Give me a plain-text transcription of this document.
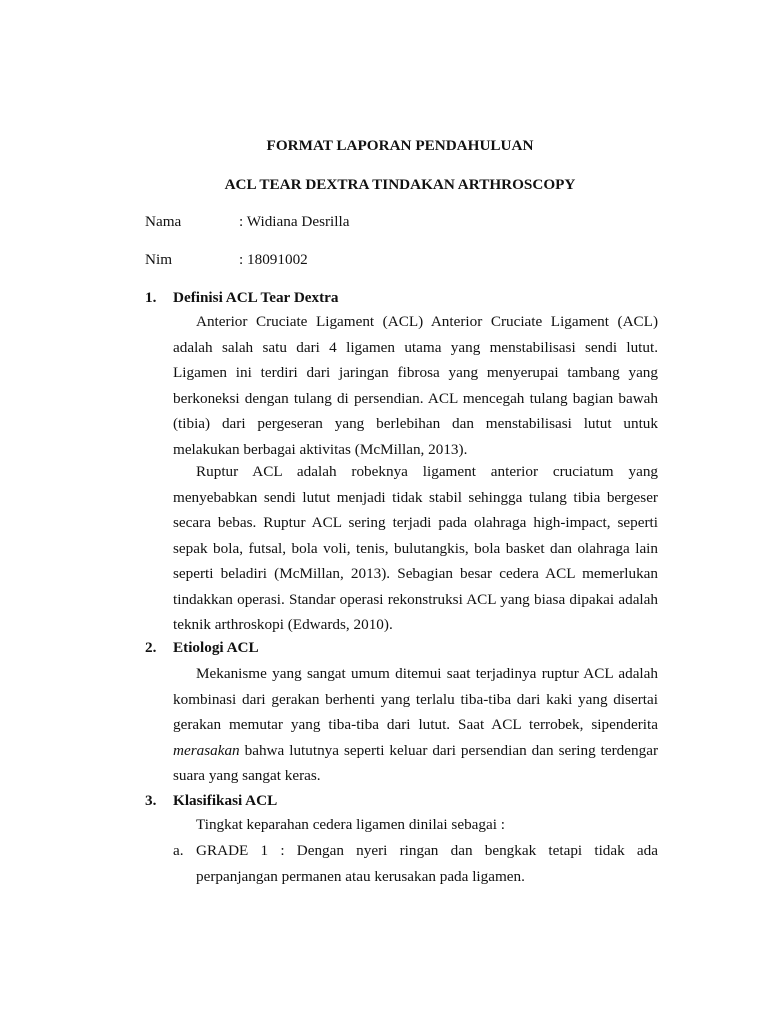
FORMAT LAPORAN PENDAHULUAN
ACL TEAR DEXTRA TINDAKAN ARTHROSCOPY
Nama	: Widiana Desrilla
Nim	: 18091002
1. Definisi ACL Tear Dextra

Anterior Cruciate Ligament (ACL) Anterior Cruciate Ligament (ACL) adalah salah satu dari 4 ligamen utama yang menstabilisasi sendi lutut. Ligamen ini terdiri dari jaringan fibrosa yang menyerupai tambang yang berkoneksi dengan tulang di persendian. ACL mencegah tulang bagian bawah (tibia) dari pergeseran yang berlebihan dan menstabilisasi lutut untuk melakukan berbagai aktivitas (McMillan, 2013).

Ruptur ACL adalah robeknya ligament anterior cruciatum yang menyebabkan sendi lutut menjadi tidak stabil sehingga tulang tibia bergeser secara bebas. Ruptur ACL sering terjadi pada olahraga high-impact, seperti sepak bola, futsal, bola voli, tenis, bulutangkis, bola basket dan olahraga lain seperti beladiri (McMillan, 2013). Sebagian besar cedera ACL memerlukan tindakkan operasi. Standar operasi rekonstruksi ACL yang biasa dipakai adalah teknik arthroskopi (Edwards, 2010).

2. Etiologi ACL

Mekanisme yang sangat umum ditemui saat terjadinya ruptur ACL adalah kombinasi dari gerakan berhenti yang terlalu tiba-tiba dari kaki yang disertai gerakan memutar yang tiba-tiba dari lutut. Saat ACL terrobek, sipenderita merasakan bahwa lututnya seperti keluar dari persendian dan sering terdengar suara yang sangat keras.

3. Klasifikasi ACL

Tingkat keparahan cedera ligamen dinilai sebagai :

a. GRADE 1 : Dengan nyeri ringan dan bengkak tetapi tidak ada perpanjangan permanen atau kerusakan pada ligamen.
